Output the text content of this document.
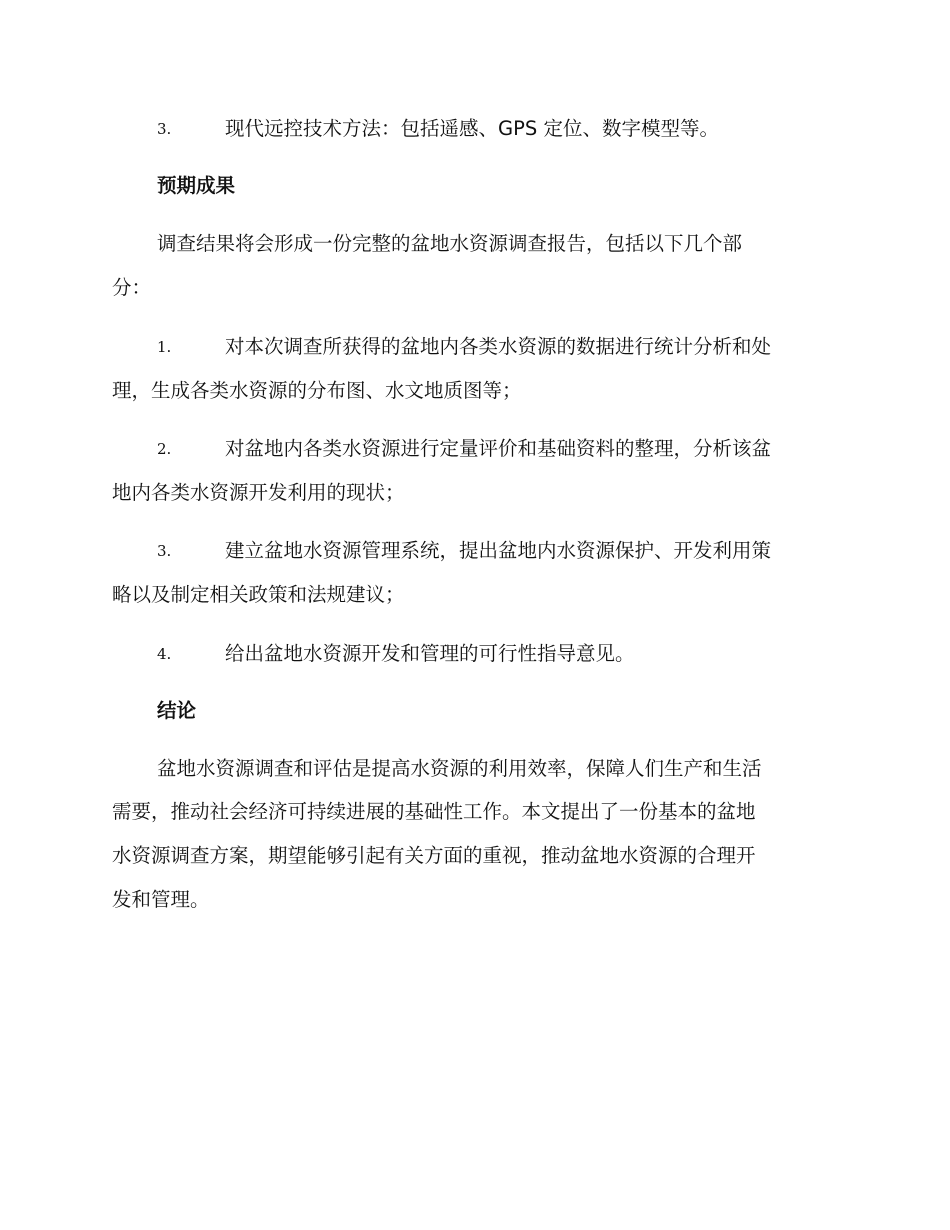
3.	现代远控技术方法：包括遥感、GPS 定位、数字模型等。
预期成果
调查结果将会形成一份完整的盆地水资源调查报告，包括以下几个部
分：
1.	对本次调查所获得的盆地内各类水资源的数据进行统计分析和处
理，生成各类水资源的分布图、水文地质图等；
2.	对盆地内各类水资源进行定量评价和基础资料的整理，分析该盆
地内各类水资源开发利用的现状；
3.	建立盆地水资源管理系统，提出盆地内水资源保护、开发利用策
略以及制定相关政策和法规建议；
4.	给出盆地水资源开发和管理的可行性指导意见。
结论
盆地水资源调查和评估是提高水资源的利用效率，保障人们生产和生活
需要，推动社会经济可持续进展的基础性工作。本文提出了一份基本的盆地
水资源调查方案，期望能够引起有关方面的重视，推动盆地水资源的合理开
发和管理。
